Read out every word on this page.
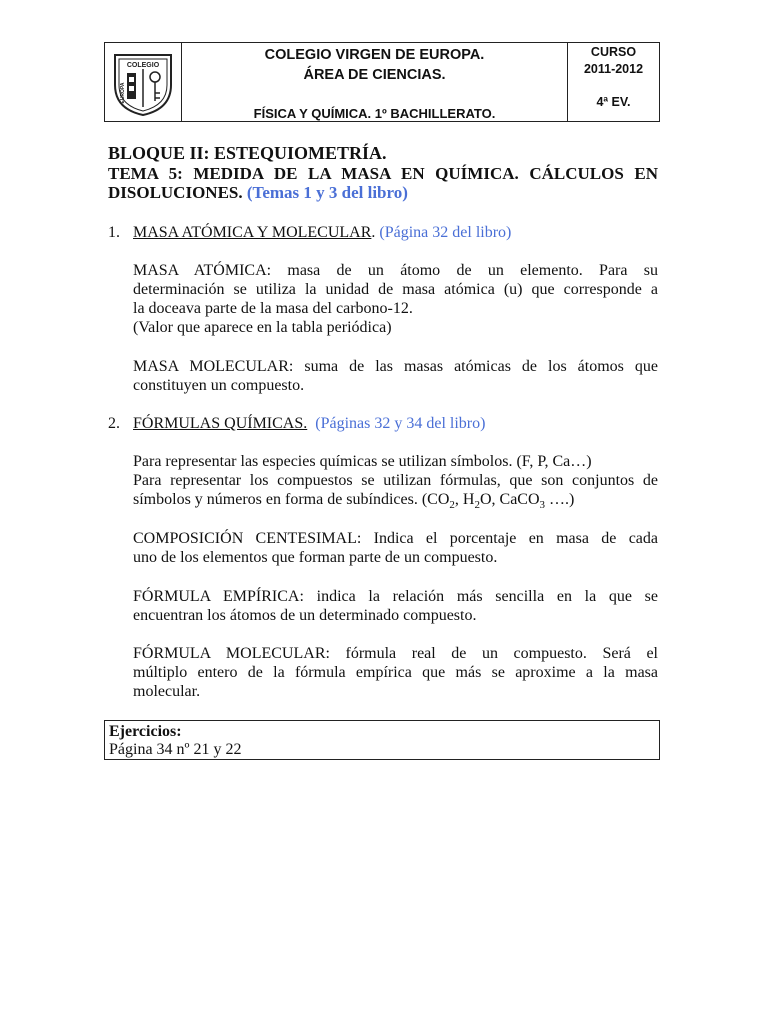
COLEGIO
EUROPA
COLEGIO VIRGEN DE EUROPA.
ÁREA DE CIENCIAS.
FÍSICA Y QUÍMICA. 1º BACHILLERATO.
CURSO
2011-2012
4ª EV.

BLOQUE II: ESTEQUIOMETRÍA.

TEMA 5: MEDIDA DE LA MASA EN QUÍMICA. CÁLCULOS EN

DISOLUCIONES. (Temas 1 y 3 del libro)

1. MASA ATÓMICA Y MOLECULAR. (Página 32 del libro)

MASA ATÓMICA: masa de un átomo de un elemento. Para su

determinación se utiliza la unidad de masa atómica (u) que corresponde a

la doceava parte de la masa del carbono-12.

(Valor que aparece en la tabla periódica)

MASA MOLECULAR: suma de las masas atómicas de los átomos que

constituyen un compuesto.

2. FÓRMULAS QUÍMICAS. (Páginas 32 y 34 del libro)

Para representar las especies químicas se utilizan símbolos. (F, P, Ca…)

Para representar los compuestos se utilizan fórmulas, que son conjuntos de

símbolos y números en forma de subíndices. ($CO_2$, $H_2O$, CaCO$_3$ ….)

COMPOSICIÓN CENTESIMAL: Indica el porcentaje en masa de cada

uno de los elementos que forman parte de un compuesto.

FÓRMULA EMPÍRICA: indica la relación más sencilla en la que se

encuentran los átomos de un determinado compuesto.

FÓRMULA MOLECULAR: fórmula real de un compuesto. Será el

múltiplo entero de la fórmula empírica que más se aproxime a la masa

molecular.

Ejercicios:

Página 34 nº 21 y 22
